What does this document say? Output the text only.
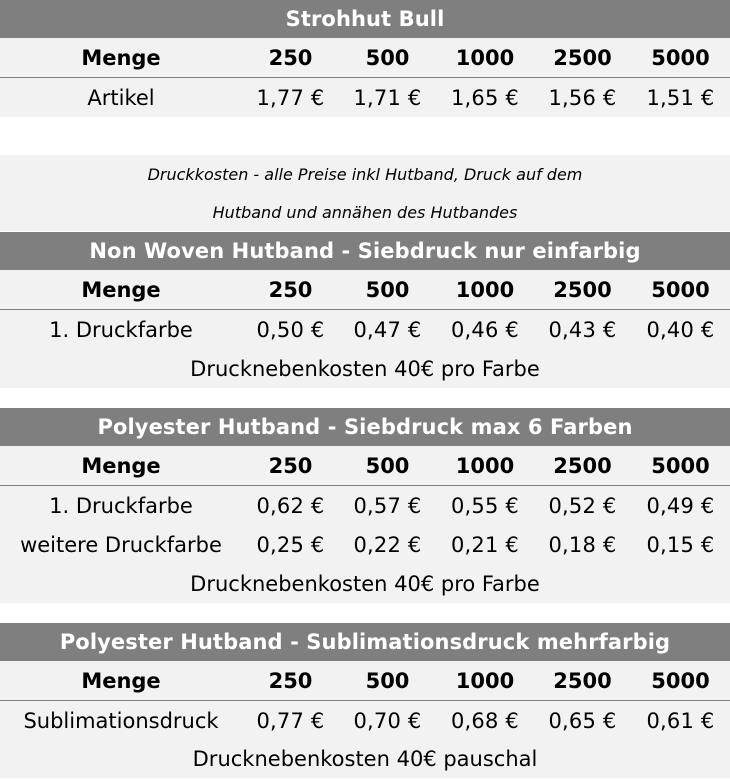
Strohhut Bull
Menge	250	500	1000	2500	5000
Artikel	1,77 €	1,71 €	1,65 €	1,56 €	1,51 €
Druckkosten - alle Preise inkl Hutband, Druck auf dem
Hutband und annähen des Hutbandes
Non Woven Hutband - Siebdruck nur einfarbig
Menge	250	500	1000	2500	5000
1. Druckfarbe	0,50 €	0,47 €	0,46 €	0,43 €	0,40 €
Drucknebenkosten 40€ pro Farbe
Polyester Hutband - Siebdruck max 6 Farben
Menge	250	500	1000	2500	5000
1. Druckfarbe	0,62 €	0,57 €	0,55 €	0,52 €	0,49 €
weitere Druckfarbe	0,25 €	0,22 €	0,21 €	0,18 €	0,15 €
Drucknebenkosten 40€ pro Farbe
Polyester Hutband - Sublimationsdruck mehrfarbig
Menge	250	500	1000	2500	5000
Sublimationsdruck	0,77 €	0,70 €	0,68 €	0,65 €	0,61 €
Drucknebenkosten 40€ pauschal
